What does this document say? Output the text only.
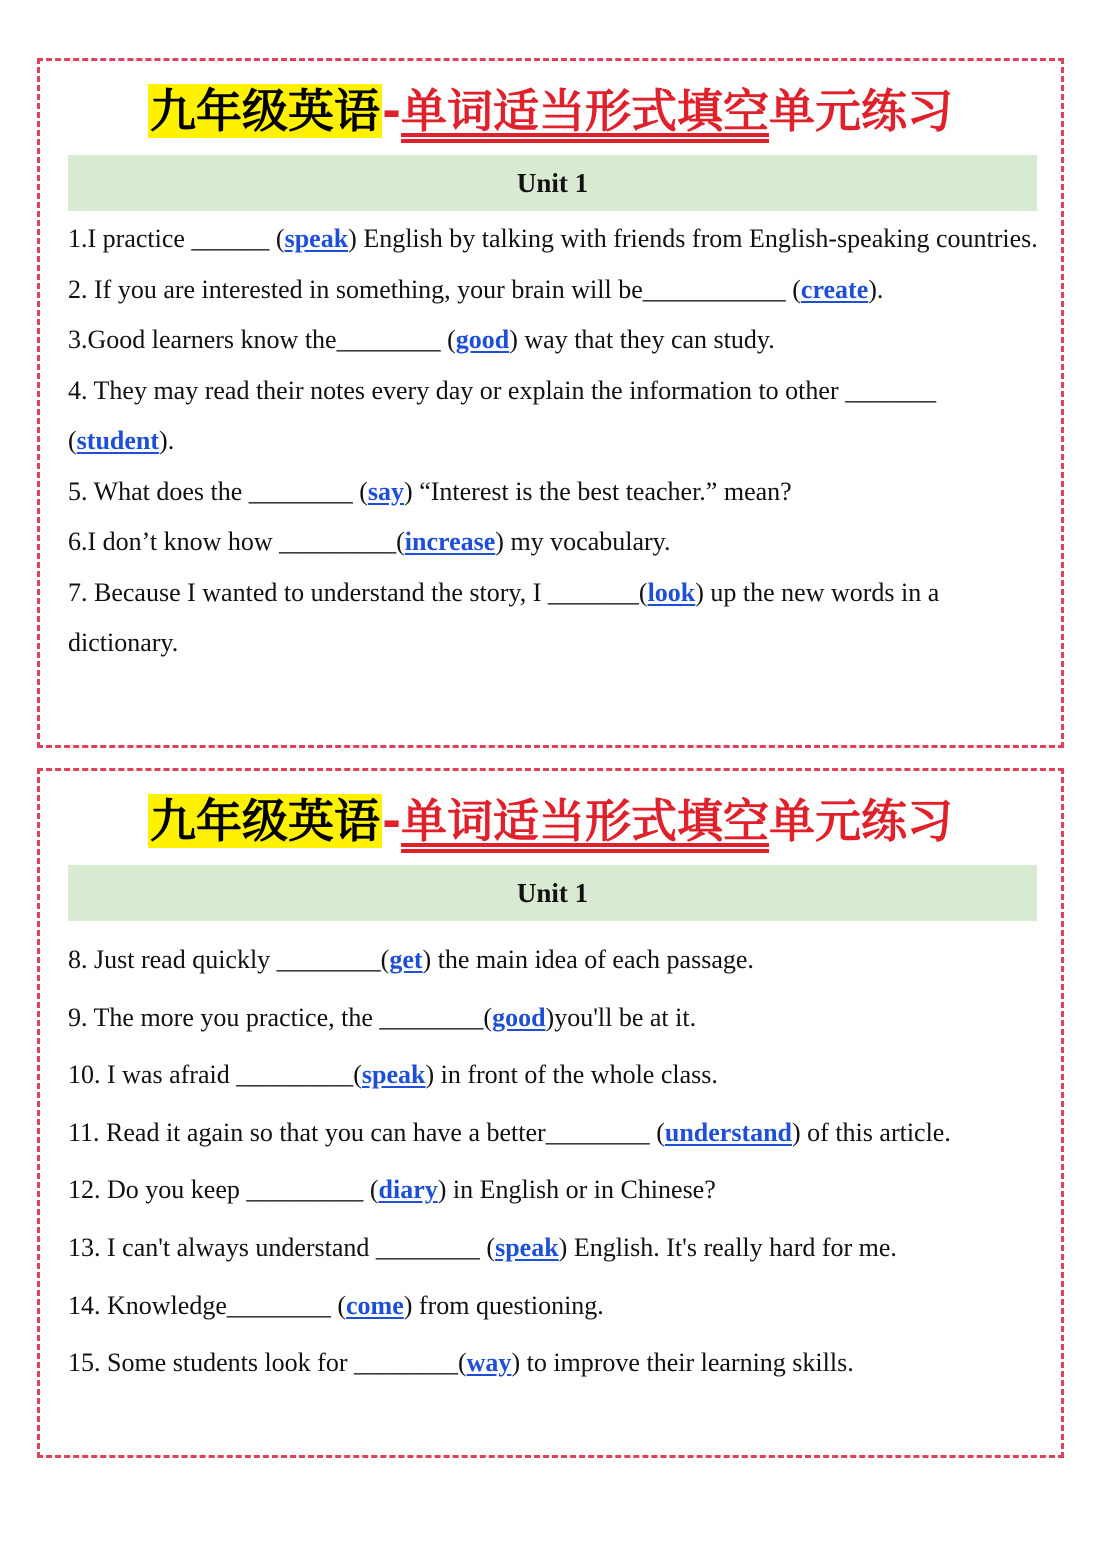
九年级英语-单词适当形式填空单元练习
Unit 1

1.I practice ______ (speak) English by talking with friends from English-speaking countries.

2. If you are interested in something, your brain will be___________ (create).

3.Good learners know the________ (good) way that they can study.

4. They may read their notes every day or explain the information to other _______ (student).

5. What does the ________ (say) “Interest is the best teacher.” mean?

6.I don’t know how _________(increase) my vocabulary.

7. Because I wanted to understand the story, I _______(look) up the new words in a dictionary.

九年级英语-单词适当形式填空单元练习
Unit 1

8. Just read quickly ________(get) the main idea of each passage.

9. The more you practice, the ________(good)you'll be at it.

10. I was afraid _________(speak) in front of the whole class.

11. Read it again so that you can have a better________ (understand) of this article.

12. Do you keep _________ (diary) in English or in Chinese?

13. I can't always understand ________ (speak) English. It's really hard for me.

14. Knowledge________ (come) from questioning.

15. Some students look for ________(way) to improve their learning skills.
